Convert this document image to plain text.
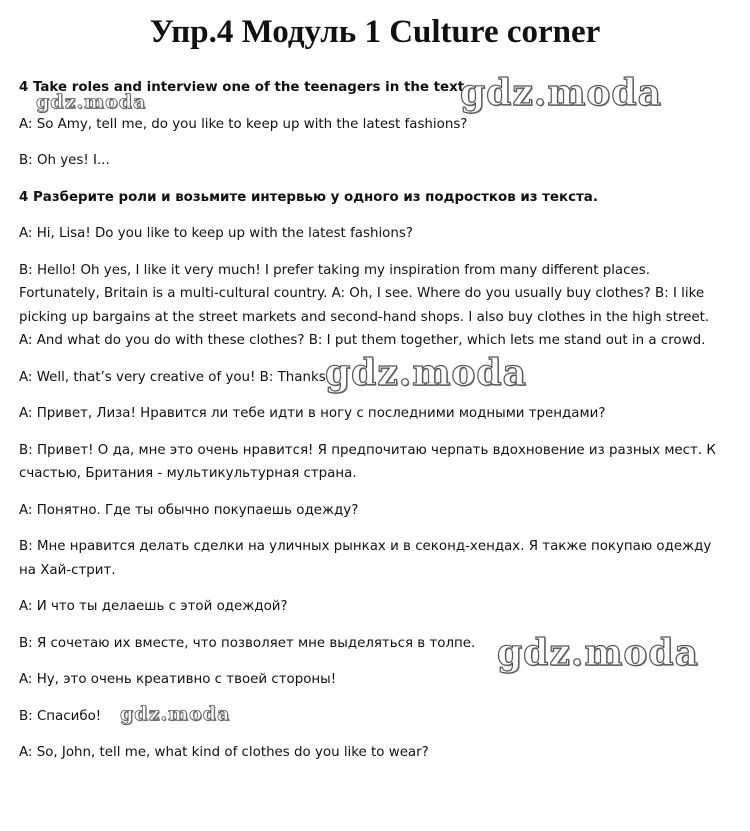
Упр.4 Модуль 1 Culture corner

4 Take roles and interview one of the teenagers in the text.

A: So Amy, tell me, do you like to keep up with the latest fashions?

B: Oh yes! I...

4 Разберите роли и возьмите интервью у одного из подростков из текста.

A: Hi, Lisa! Do you like to keep up with the latest fashions?

B: Hello! Oh yes, I like it very much! I prefer taking my inspiration from many different places. Fortunately, Britain is a multi-cultural country. A: Oh, I see. Where do you usually buy clothes? B: I like picking up bargains at the street markets and second-hand shops. I also buy clothes in the high street. A: And what do you do with these clothes? B: I put them together, which lets me stand out in a crowd.

A: Well, that’s very creative of you! B: Thanks!

A: Привет, Лиза! Нравится ли тебе идти в ногу с последними модными трендами?

B: Привет! О да, мне это очень нравится! Я предпочитаю черпать вдохновение из разных мест. К счастью, Британия - мультикультурная страна.

A: Понятно. Где ты обычно покупаешь одежду?

B: Мне нравится делать сделки на уличных рынках и в секонд-хендах. Я также покупаю одежду на Хай-стрит.

A: И что ты делаешь с этой одеждой?

B: Я сочетаю их вместе, что позволяет мне выделяться в толпе.

A: Ну, это очень креативно с твоей стороны!

B: Спасибо!

A: So, John, tell me, what kind of clothes do you like to wear?

gdz.moda
gdz.moda
gdz.moda
gdz.moda
gdz.moda
